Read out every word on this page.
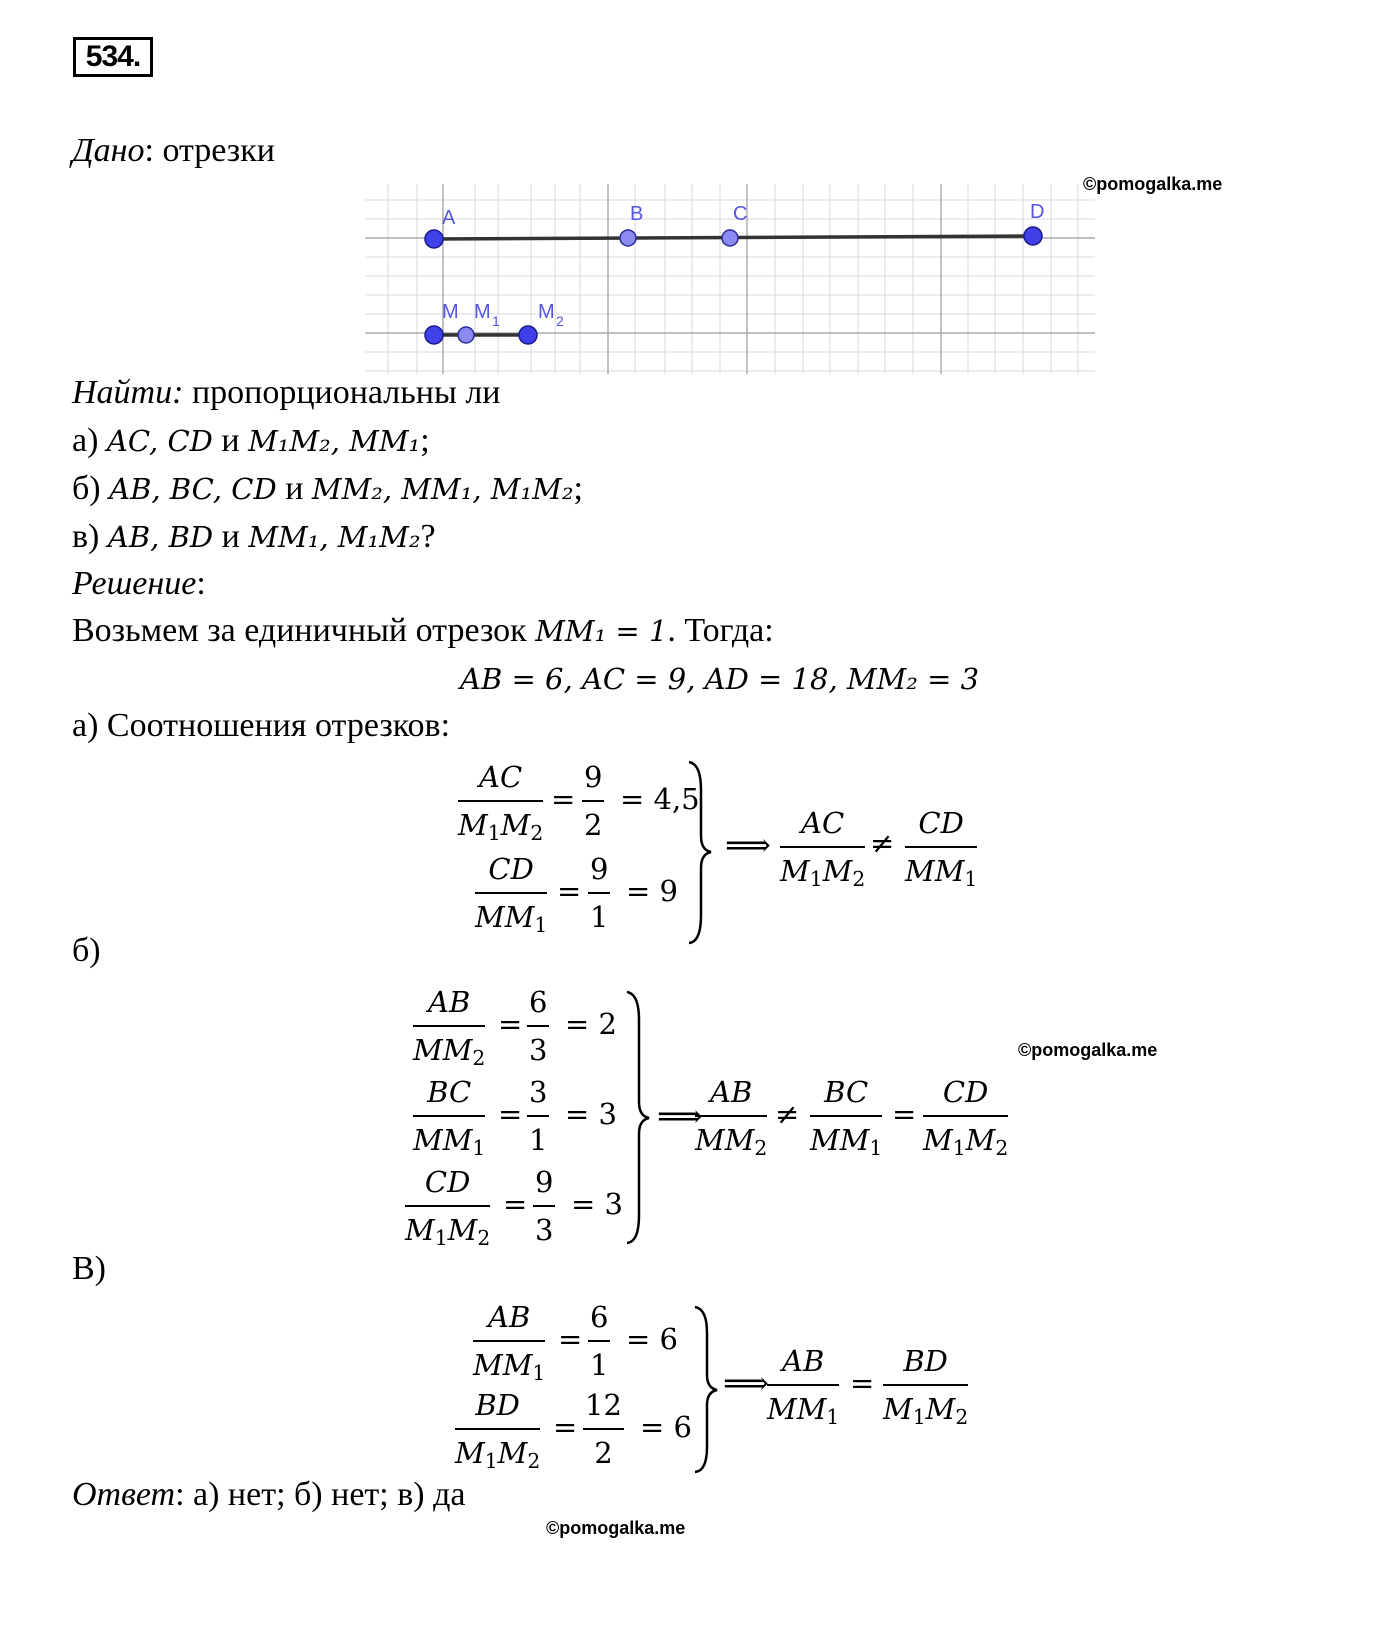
534.
©pomogalka.me
©pomogalka.me
©pomogalka.me
Дано: отрезки
A	B	C	D
M M 1 M 2
Найти: пропорциональны ли
а) AC, CD и M₁M₂, MM₁;
б) AB, BC, CD и MM₂, MM₁, M₁M₂;
в) AB, BD и MM₁, M₁M₂?
Решение:
Возьмем за единичный отрезок MM₁ = 1. Тогда:
AB = 6, AC = 9, AD = 18, MM₂ = 3
а) Соотношения отрезков:
$\frac{AC}{M_1M_2} = \frac{9}{2} = 4,5$
$\frac{CD}{MM_1} = \frac{9}{1} = 9$
⟹ $\frac{AC}{M_1M_2} \ne \frac{CD}{MM_1}$
б)
$\frac{AB}{MM_2} = \frac{6}{3} = 2$
$\frac{BC}{MM_1} = \frac{3}{1} = 3$
$\frac{CD}{M_1M_2} = \frac{9}{3} = 3$
⟹
$\frac{AB}{MM_2} \ne \frac{BC}{MM_1} = \frac{CD}{M_1M_2}$
В)
$\frac{AB}{MM_1} = \frac{6}{1} = 6$
$\frac{BD}{M_1M_2} = \frac{12}{2} = 6$
⟹
$\frac{AB}{MM_1} = \frac{BD}{M_1M_2}$
Ответ: а) нет; б) нет; в) да
